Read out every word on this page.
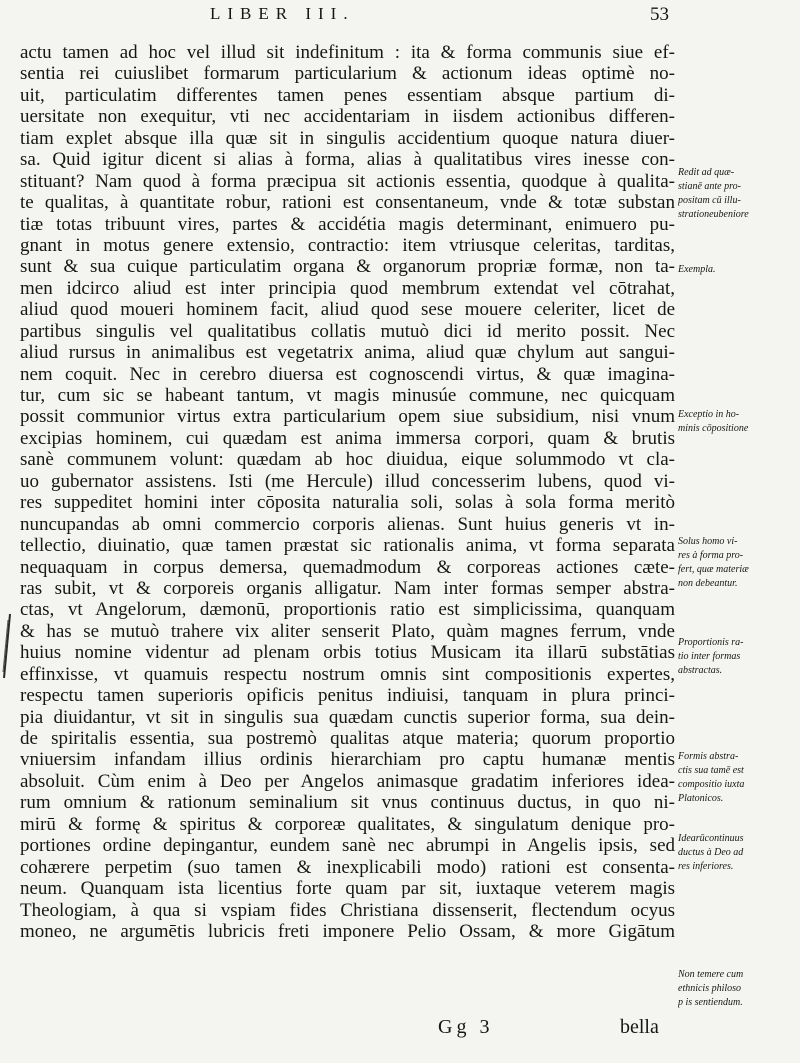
LIBER III.	53
actu tamen ad hoc vel illud sit indefinitum : ita & forma communis siue ef-
sentia rei cuiuslibet formarum particularium & actionum ideas optimè no-
uit, particulatim differentes tamen penes essentiam absque partium di-
uersitate non exequitur, vti nec accidentariam in iisdem actionibus differen-
tiam explet absque illa quæ sit in singulis accidentium quoque natura diuer-
sa. Quid igitur dicent si alias à forma, alias à qualitatibus vires inesse con-
stituant? Nam quod à forma præcipua sit actionis essentia, quodque à qualita-
te qualitas, à quantitate robur, rationi est consentaneum, vnde & totæ substan
tiæ totas tribuunt vires, partes & accidétia magis determinant, enimuero pu-
gnant in motus genere extensio, contractio: item vtriusque celeritas, tarditas,
sunt & sua cuique particulatim organa & organorum propriæ formæ, non ta-
men idcirco aliud est inter principia quod membrum extendat vel cōtrahat,
aliud quod moueri hominem facit, aliud quod sese mouere celeriter, licet de
partibus singulis vel qualitatibus collatis mutuò dici id merito possit. Nec
aliud rursus in animalibus est vegetatrix anima, aliud quæ chylum aut sangui-
nem coquit. Nec in cerebro diuersa est cognoscendi virtus, & quæ imagina-
tur, cum sic se habeant tantum, vt magis minusúe commune, nec quicquam
possit communior virtus extra particularium opem siue subsidium, nisi vnum
excipias hominem, cui quædam est anima immersa corpori, quam & brutis
sanè communem volunt: quædam ab hoc diuidua, eique solummodo vt cla-
uo gubernator assistens. Isti (me Hercule) illud concesserim lubens, quod vi-
res suppeditet homini inter cōposita naturalia soli, solas à sola forma meritò
nuncupandas ab omni commercio corporis alienas. Sunt huius generis vt in-
tellectio, diuinatio, quæ tamen præstat sic rationalis anima, vt forma separata
nequaquam in corpus demersa, quemadmodum & corporeas actiones cæte-
ras subit, vt & corporeis organis alligatur. Nam inter formas semper abstra-
ctas, vt Angelorum, dæmonū, proportionis ratio est simplicissima, quanquam
& has se mutuò trahere vix aliter senserit Plato, quàm magnes ferrum, vnde
huius nomine videntur ad plenam orbis totius Musicam ita illarū substātias
effinxisse, vt quamuis respectu nostrum omnis sint compositionis expertes,
respectu tamen superioris opificis penitus indiuisi, tanquam in plura princi-
pia diuidantur, vt sit in singulis sua quædam cunctis superior forma, sua dein-
de spiritalis essentia, sua postremò qualitas atque materia; quorum proportio
vniuersim infandam illius ordinis hierarchiam pro captu humanæ mentis
absoluit. Cùm enim à Deo per Angelos animasque gradatim inferiores idea-
rum omnium & rationum seminalium sit vnus continuus ductus, in quo ni-
mirū & formę & spiritus & corporeæ qualitates, & singulatum denique pro-
portiones ordine depingantur, eundem sanè nec abrumpi in Angelis ipsis, sed
cohærere perpetim (suo tamen & inexplicabili modo) rationi est consenta-
neum. Quanquam ista licentius forte quam par sit, iuxtaque veterem magis
Theologiam, à qua si vspiam fides Christiana dissenserit, flectendum ocyus
moneo, ne argumētis lubricis freti imponere Pelio Ossam, & more Gigātum
Redit ad quæ-
stianē ante pro-
positam cū illu-
strationeubeniore
Exempla.
Exceptio in ho-
minis cōpositione
Solus homo vi-
res à forma pro-
fert, quæ materiæ
non debeantur.
Proportionis ra-
tio inter formas
abstractas.
Formis abstra-
ctis sua tamē est
compositio iuxta
Platonicos.
Idearūcontinuus
ductus à Deo ad
res inferiores.
Non temere cum
ethnicis philoso
p is sentiendum.
Gg 3	bella
